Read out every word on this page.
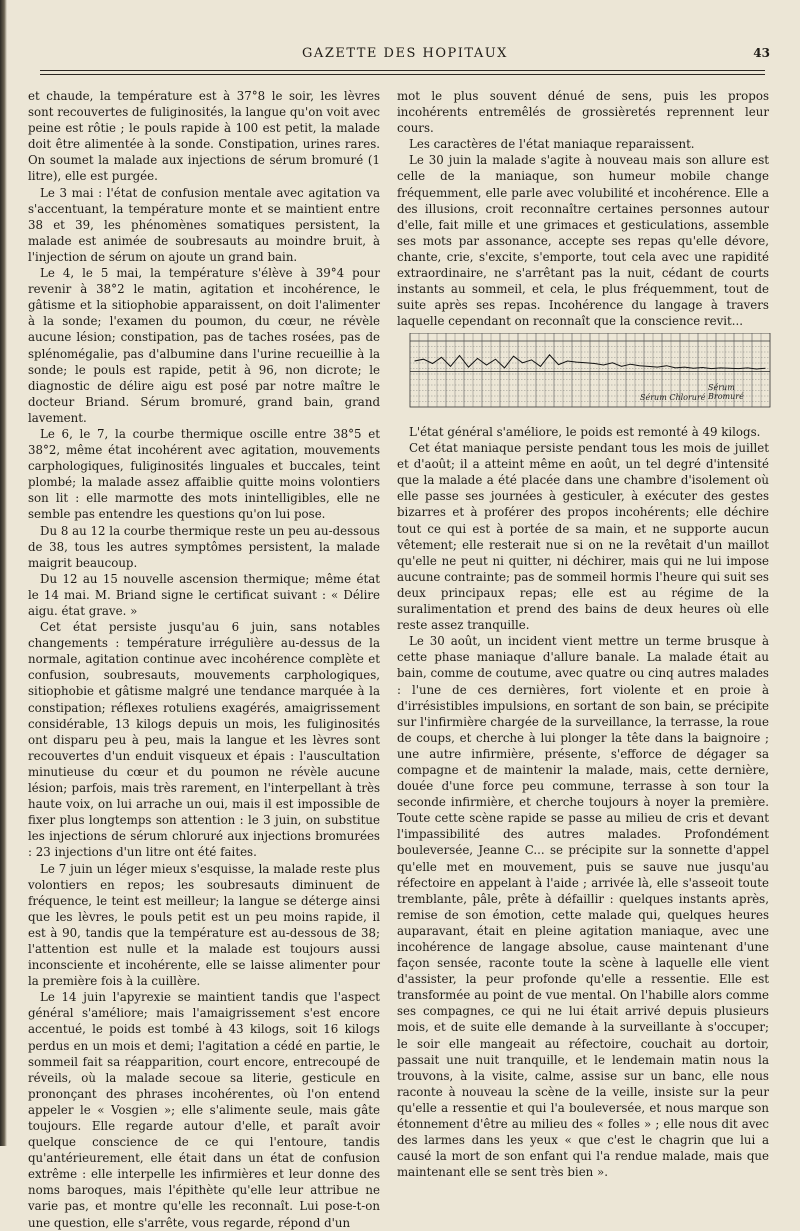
GAZETTE DES HOPITAUX	43

et chaude, la température est à 37°8 le soir, les lèvres sont recouvertes de fuliginosités, la langue qu'on voit avec peine est rôtie ; le pouls rapide à 100 est petit, la malade doit être alimentée à la sonde. Constipation, urines rares. On soumet la malade aux injections de sérum bromuré (1 litre), elle est purgée.

Le 3 mai : l'état de confusion mentale avec agitation va s'accentuant, la température monte et se maintient entre 38 et 39, les phénomènes somatiques persistent, la malade est animée de soubresauts au moindre bruit, à l'injection de sérum on ajoute un grand bain.

Le 4, le 5 mai, la température s'élève à 39°4 pour revenir à 38°2 le matin, agitation et incohérence, le gâtisme et la sitiophobie apparaissent, on doit l'alimenter à la sonde; l'examen du poumon, du cœur, ne révèle aucune lésion; constipation, pas de taches rosées, pas de splénomégalie, pas d'albumine dans l'urine recueillie à la sonde; le pouls est rapide, petit à 96, non dicrote; le diagnostic de délire aigu est posé par notre maître le docteur Briand. Sérum bromuré, grand bain, grand lavement.

Le 6, le 7, la courbe thermique oscille entre 38°5 et 38°2, même état incohérent avec agitation, mouvements carphologiques, fuliginosités linguales et buccales, teint plombé; la malade assez affaiblie quitte moins volontiers son lit : elle marmotte des mots inintelligibles, elle ne semble pas entendre les questions qu'on lui pose.

Du 8 au 12 la courbe thermique reste un peu au-dessous de 38, tous les autres symptômes persistent, la malade maigrit beaucoup.

Du 12 au 15 nouvelle ascension thermique; même état le 14 mai. M. Briand signe le certificat suivant : « Délire aigu. état grave. »

Cet état persiste jusqu'au 6 juin, sans notables changements : température irrégulière au-dessus de la normale, agitation continue avec incohérence complète et confusion, soubresauts, mouvements carphologiques, sitiophobie et gâtisme malgré une tendance marquée à la constipation; réflexes rotuliens exagérés, amaigrissement considérable, 13 kilogs depuis un mois, les fuliginosités ont disparu peu à peu, mais la langue et les lèvres sont recouvertes d'un enduit visqueux et épais : l'auscultation minutieuse du cœur et du poumon ne révèle aucune lésion; parfois, mais très rarement, en l'interpellant à très haute voix, on lui arrache un oui, mais il est impossible de fixer plus longtemps son attention : le 3 juin, on substitue les injections de sérum chloruré aux injections bromurées : 23 injections d'un litre ont été faites.

Le 7 juin un léger mieux s'esquisse, la malade reste plus volontiers en repos; les soubresauts diminuent de fréquence, le teint est meilleur; la langue se déterge ainsi que les lèvres, le pouls petit est un peu moins rapide, il est à 90, tandis que la température est au-dessous de 38; l'attention est nulle et la malade est toujours aussi inconsciente et incohérente, elle se laisse alimenter pour la première fois à la cuillère.

Le 14 juin l'apyrexie se maintient tandis que l'aspect général s'améliore; mais l'amaigrissement s'est encore accentué, le poids est tombé à 43 kilogs, soit 16 kilogs perdus en un mois et demi; l'agitation a cédé en partie, le sommeil fait sa réapparition, court encore, entrecoupé de réveils, où la malade secoue sa literie, gesticule en prononçant des phrases incohérentes, où l'on entend appeler le « Vosgien »; elle s'alimente seule, mais gâte toujours. Elle regarde autour d'elle, et paraît avoir quelque conscience de ce qui l'entoure, tandis qu'antérieurement, elle était dans un état de confusion extrême : elle interpelle les infirmières et leur donne des noms baroques, mais l'épithète qu'elle leur attribue ne varie pas, et montre qu'elle les reconnaît. Lui pose-t-on une question, elle s'arrête, vous regarde, répond d'un

mot le plus souvent dénué de sens, puis les propos incohérents entremêlés de grossièretés reprennent leur cours.

Les caractères de l'état maniaque reparaissent.

Le 30 juin la malade s'agite à nouveau mais son allure est celle de la maniaque, son humeur mobile change fréquemment, elle parle avec volubilité et incohérence. Elle a des illusions, croit reconnaître certaines personnes autour d'elle, fait mille et une grimaces et gesticulations, assemble ses mots par assonance, accepte ses repas qu'elle dévore, chante, crie, s'excite, s'emporte, tout cela avec une rapidité extraordinaire, ne s'arrêtant pas la nuit, cédant de courts instants au sommeil, et cela, le plus fréquemment, tout de suite après ses repas. Incohérence du langage à travers laquelle cependant on reconnaît que la conscience revit...

Sérum Bromuré
Sérum Chloruré

L'état général s'améliore, le poids est remonté à 49 kilogs.

Cet état maniaque persiste pendant tous les mois de juillet et d'août; il a atteint même en août, un tel degré d'intensité que la malade a été placée dans une chambre d'isolement où elle passe ses journées à gesticuler, à exécuter des gestes bizarres et à proférer des propos incohérents; elle déchire tout ce qui est à portée de sa main, et ne supporte aucun vêtement; elle resterait nue si on ne la revêtait d'un maillot qu'elle ne peut ni quitter, ni déchirer, mais qui ne lui impose aucune contrainte; pas de sommeil hormis l'heure qui suit ses deux principaux repas; elle est au régime de la suralimentation et prend des bains de deux heures où elle reste assez tranquille.

Le 30 août, un incident vient mettre un terme brusque à cette phase maniaque d'allure banale. La malade était au bain, comme de coutume, avec quatre ou cinq autres malades : l'une de ces dernières, fort violente et en proie à d'irrésistibles impulsions, en sortant de son bain, se précipite sur l'infirmière chargée de la surveillance, la terrasse, la roue de coups, et cherche à lui plonger la tête dans la baignoire ; une autre infirmière, présente, s'efforce de dégager sa compagne et de maintenir la malade, mais, cette dernière, douée d'une force peu commune, terrasse à son tour la seconde infirmière, et cherche toujours à noyer la première. Toute cette scène rapide se passe au milieu de cris et devant l'impassibilité des autres malades. Profondément bouleversée, Jeanne C... se précipite sur la sonnette d'appel qu'elle met en mouvement, puis se sauve nue jusqu'au réfectoire en appelant à l'aide ; arrivée là, elle s'asseoit toute tremblante, pâle, prête à défaillir : quelques instants après, remise de son émotion, cette malade qui, quelques heures auparavant, était en pleine agitation maniaque, avec une incohérence de langage absolue, cause maintenant d'une façon sensée, raconte toute la scène à laquelle elle vient d'assister, la peur profonde qu'elle a ressentie. Elle est transformée au point de vue mental. On l'habille alors comme ses compagnes, ce qui ne lui était arrivé depuis plusieurs mois, et de suite elle demande à la surveillante à s'occuper; le soir elle mangeait au réfectoire, couchait au dortoir, passait une nuit tranquille, et le lendemain matin nous la trouvons, à la visite, calme, assise sur un banc, elle nous raconte à nouveau la scène de la veille, insiste sur la peur qu'elle a ressentie et qui l'a bouleversée, et nous marque son étonnement d'être au milieu des « folles » ; elle nous dit avec des larmes dans les yeux « que c'est le chagrin que lui a causé la mort de son enfant qui l'a rendue malade, mais que maintenant elle se sent très bien ».
